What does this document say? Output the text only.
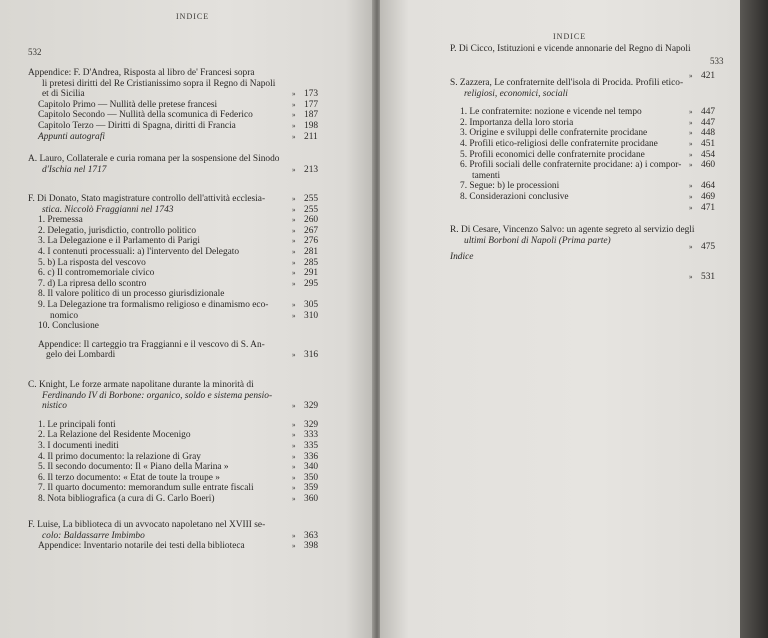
INDICE
532
Appendice: F. D'Andrea, Risposta al libro de' Francesi sopra
li pretesi diritti del Re Cristianissimo sopra il Regno di Napoli
et di Sicilia	» 173
Capitolo Primo — Nullità delle pretese francesi	» 177
Capitolo Secondo — Nullità della scomunica di Federico	» 187
Capitolo Terzo — Diritti di Spagna, diritti di Francia	» 198
Appunti autografi	» 211
A. Lauro, Collaterale e curia romana per la sospensione del Sinodo
d'Ischia nel 1717	» 213
F. Di Donato, Stato magistrature controllo dell'attività ecclesia-	» 255
stica. Niccolò Fraggianni nel 1743	» 255
1. Premessa	» 260
2. Delegatio, jurisdictio, controllo politico	» 267
3. La Delegazione e il Parlamento di Parigi	» 276
4. I contenuti processuali: a) l'intervento del Delegato	» 281
5. b) La risposta del vescovo	» 285
6. c) Il contromemoriale civico	» 291
7. d) La ripresa dello scontro	» 295
8. Il valore politico di un processo giurisdizionale
9. La Delegazione tra formalismo religioso e dinamismo eco-	» 305
nomico	» 310
10. Conclusione
Appendice: Il carteggio tra Fraggianni e il vescovo di S. An-
gelo dei Lombardi	» 316
C. Knight, Le forze armate napolitane durante la minorità di
Ferdinando IV di Borbone: organico, soldo e sistema pensio-
nistico	» 329
1. Le principali fonti	» 329
2. La Relazione del Residente Mocenigo	» 333
3. I documenti inediti	» 335
4. Il primo documento: la relazione di Gray	» 336
5. Il secondo documento: Il « Piano della Marina »	» 340
6. Il terzo documento: « Etat de toute la troupe »	» 350
7. Il quarto documento: memorandum sulle entrate fiscali	» 359
8. Nota bibliografica (a cura di G. Carlo Boeri)	» 360
F. Luise, La biblioteca di un avvocato napoletano nel XVIII se-
colo: Baldassarre Imbimbo	» 363
Appendice: Inventario notarile dei testi della biblioteca	» 398
INDICE
533
P. Di Cicco, Istituzioni e vicende annonarie del Regno di Napoli
» 421
S. Zazzera, Le confraternite dell'isola di Procida. Profili etico-
religiosi, economici, sociali
1. Le confraternite: nozione e vicende nel tempo	» 447
2. Importanza della loro storia	» 447
3. Origine e sviluppi delle confraternite procidane	» 448
4. Profili etico-religiosi delle confraternite procidane	» 451
5. Profili economici delle confraternite procidane	» 454
6. Profili sociali delle confraternite procidane: a) i compor- » 460
tamenti
7. Segue: b) le processioni	» 464
8. Considerazioni conclusive	» 469
» 471
R. Di Cesare, Vincenzo Salvo: un agente segreto al servizio degli
ultimi Borboni di Napoli (Prima parte)
Indice
» 475
» 531
